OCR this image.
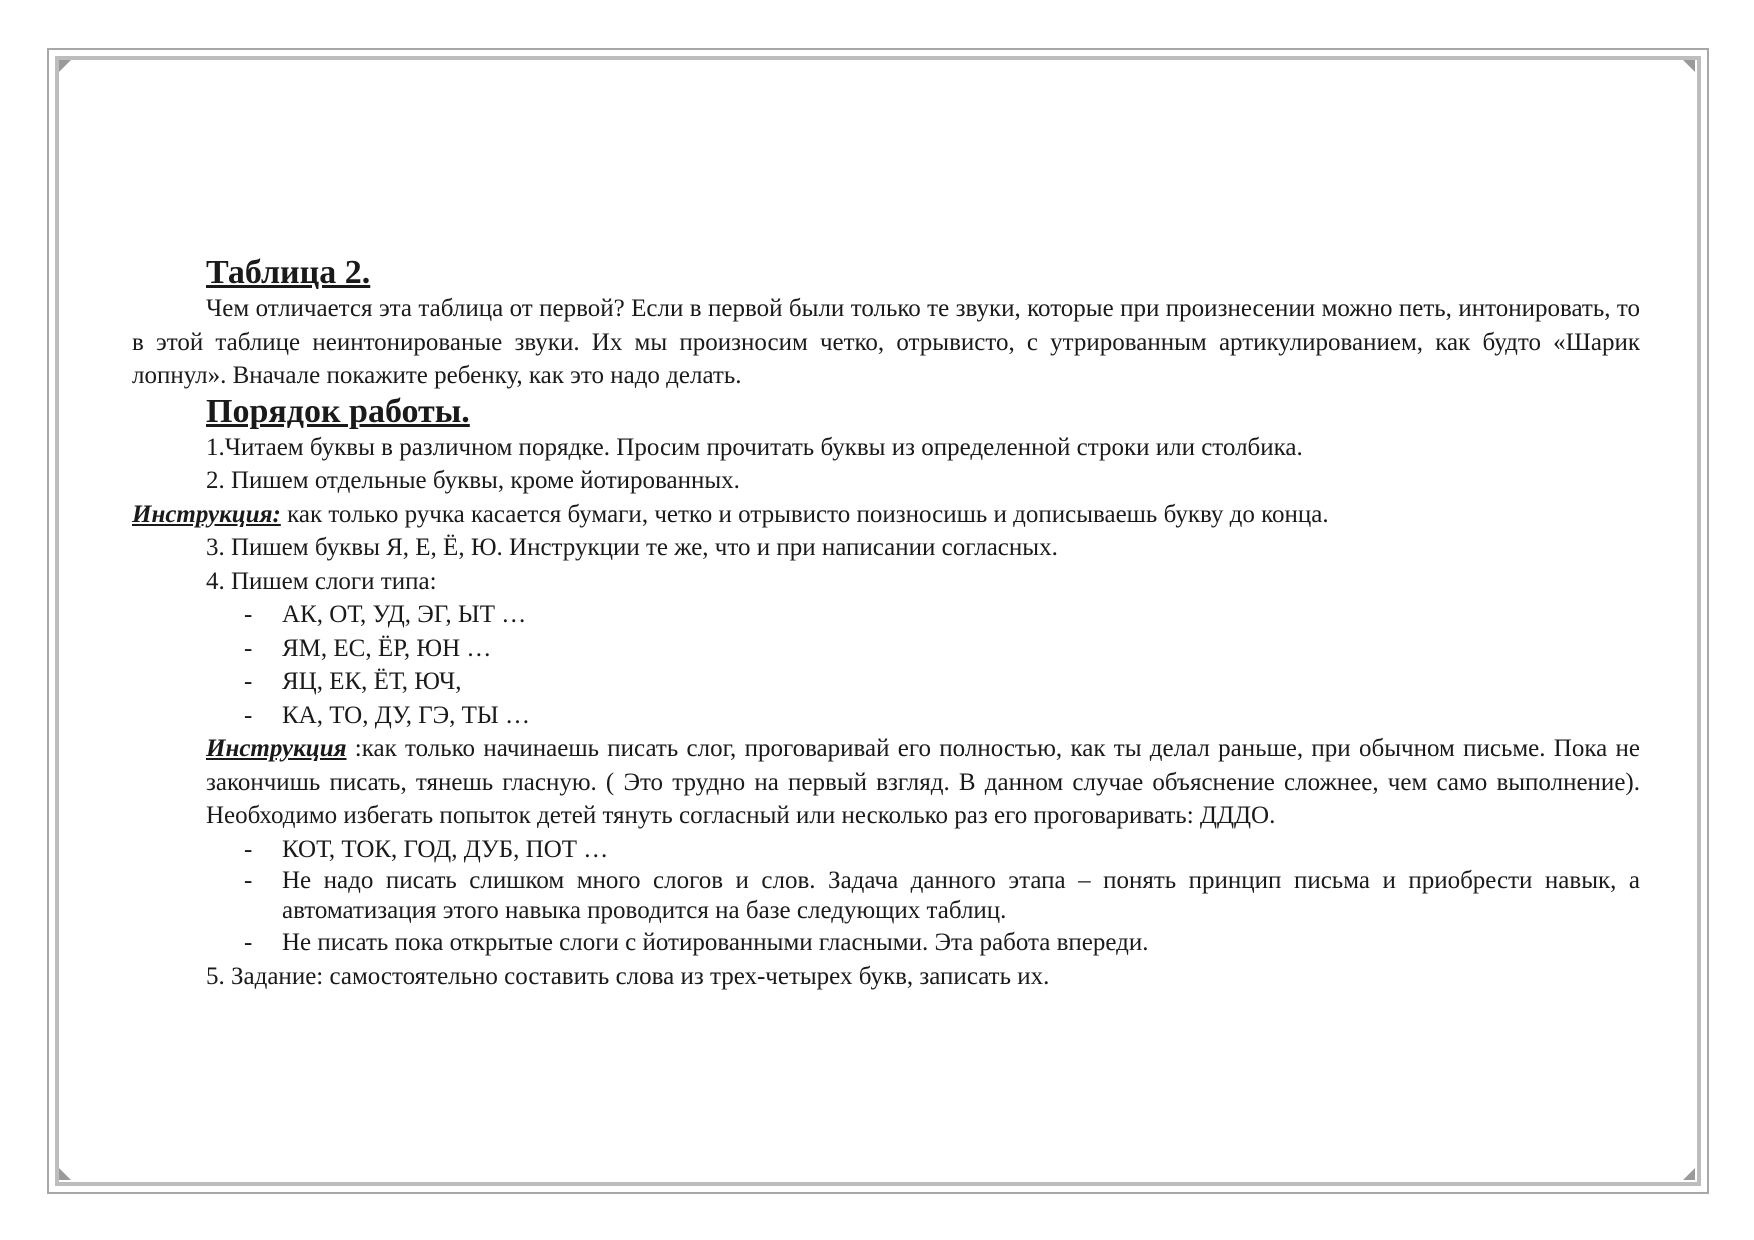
Таблица 2.

Чем отличается эта таблица от первой? Если в первой были только те звуки, которые при произнесении можно петь, интонировать, то в этой таблице неинтонированые звуки. Их мы произносим четко, отрывисто, с утрированным артикулированием, как будто «Шарик лопнул». Вначале покажите ребенку, как это надо делать.

Порядок работы.

1.Читаем буквы в различном порядке. Просим прочитать буквы из определенной строки или столбика.

2. Пишем отдельные буквы, кроме йотированных.

Инструкция: как только ручка касается бумаги, четко и отрывисто поизносишь и дописываешь букву до конца.

3. Пишем буквы Я, Е, Ё, Ю. Инструкции те же, что и при написании согласных.

4. Пишем слоги типа:

- АК, ОТ, УД, ЭГ, ЫТ …
- ЯМ, ЕС, ЁР, ЮН …
- ЯЦ, ЕК, ЁТ, ЮЧ,
- КА, ТО, ДУ, ГЭ, ТЫ …

Инструкция :как только начинаешь писать слог, проговаривай его полностью, как ты делал раньше, при обычном письме. Пока не закончишь писать, тянешь гласную. ( Это трудно на первый взгляд. В данном случае объяснение сложнее, чем само выполнение). Необходимо избегать попыток детей тянуть согласный или несколько раз его проговаривать: ДДДО.

- КОТ, ТОК, ГОД, ДУБ, ПОТ …
- Не надо писать слишком много слогов и слов. Задача данного этапа – понять принцип письма и приобрести навык, а автоматизация этого навыка проводится на базе следующих таблиц.
- Не писать пока открытые слоги с йотированными гласными. Эта работа впереди.

5. Задание: самостоятельно составить слова из трех-четырех букв, записать их.
